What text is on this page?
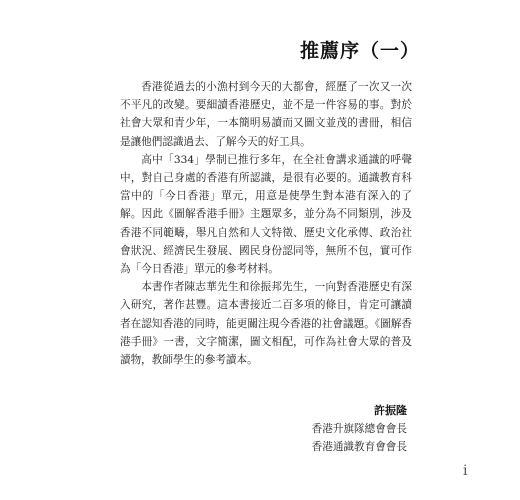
推薦序（一）

香港從過去的小漁村到今天的大都會，經歷了一次又一次不平凡的改變。要細讀香港歷史，並不是一件容易的事。對於社會大眾和青少年，一本簡明易讀而又圖文並茂的書冊，相信是讓他們認識過去、了解今天的好工具。

高中「334」學制已推行多年，在全社會講求通識的呼聲中，對自己身處的香港有所認識，是很有必要的。通識教育科當中的「今日香港」單元，用意是使學生對本港有深入的了解。因此《圖解香港手冊》主題眾多，並分為不同類別，涉及香港不同範疇，舉凡自然和人文特徵、歷史文化承傳、政治社會狀況、經濟民生發展、國民身份認同等，無所不包，實可作為「今日香港」單元的參考材料。

本書作者陳志華先生和徐振邦先生，一向對香港歷史有深入研究，著作甚豐。這本書接近二百多項的條目，肯定可讓讀者在認知香港的同時，能更關注現今香港的社會議題。《圖解香港手冊》一書，文字簡潔，圖文相配，可作為社會大眾的普及讀物，教師學生的參考讀本。

許振隆
香港升旗隊總會會長
香港通識教育會會長
i
